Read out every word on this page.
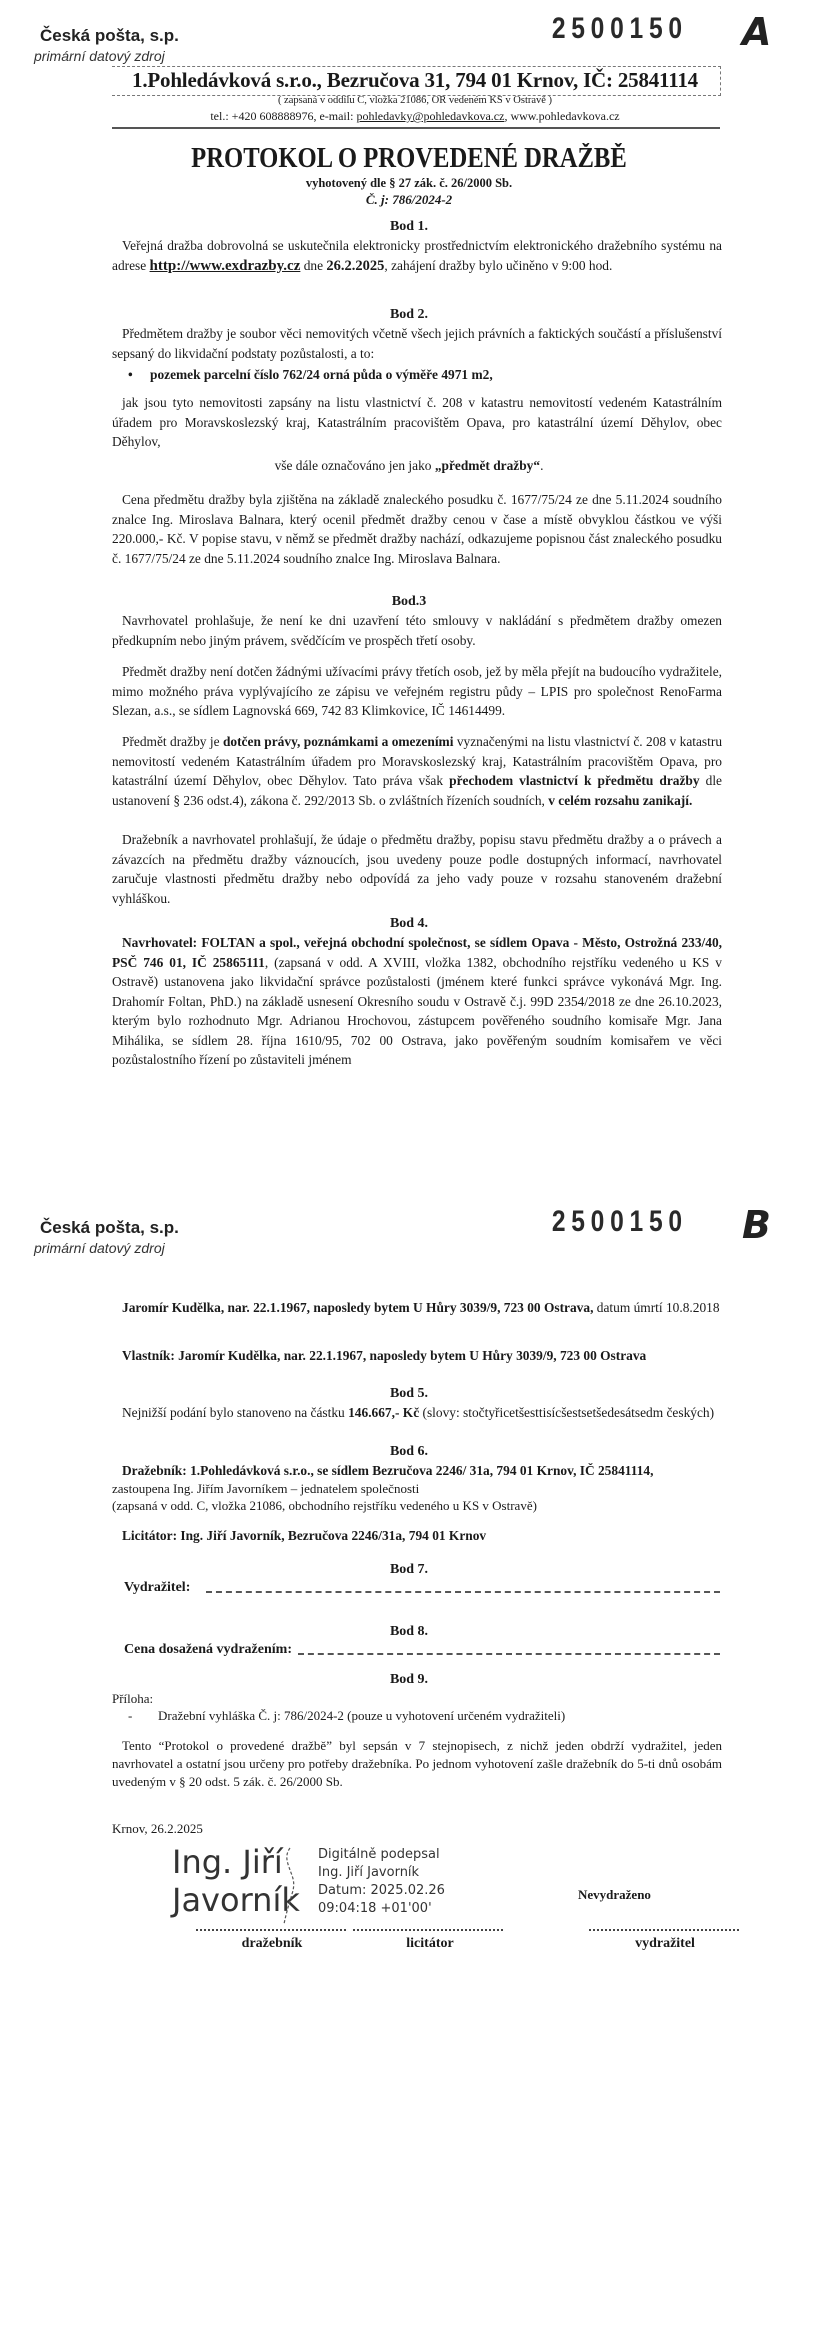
Česká pošta, s.p.
primární datový zdroj
2500150 A
1.Pohledávková s.r.o., Bezručova 31, 794 01 Krnov, IČ: 25841114
( zapsaná v oddílu C, vložka 21086, OR vedeném KS v Ostravě )
tel.: +420 608888976, e-mail: pohledavky@pohledavkova.cz, www.pohledavkova.cz
PROTOKOL O PROVEDENÉ DRAŽBĚ
vyhotovený dle § 27 zák. č. 26/2000 Sb.
Č. j: 786/2024-2
Bod 1.
Veřejná dražba dobrovolná se uskutečnila elektronicky prostřednictvím elektronického dražebního systému na adrese http://www.exdrazby.cz dne 26.2.2025, zahájení dražby bylo učiněno v 9:00 hod.
Bod 2.
Předmětem dražby je soubor věci nemovitých včetně všech jejich právních a faktických součástí a příslušenství sepsaný do likvidační podstaty pozůstalosti, a to:
• pozemek parcelní číslo 762/24 orná půda o výměře 4971 m2,
jak jsou tyto nemovitosti zapsány na listu vlastnictví č. 208 v katastru nemovitostí vedeném Katastrálním úřadem pro Moravskoslezský kraj, Katastrálním pracovištěm Opava, pro katastrální území Děhylov, obec Děhylov,
vše dále označováno jen jako „předmět dražby“.
Cena předmětu dražby byla zjištěna na základě znaleckého posudku č. 1677/75/24 ze dne 5.11.2024 soudního znalce Ing. Miroslava Balnara, který ocenil předmět dražby cenou v čase a místě obvyklou částkou ve výši 220.000,- Kč. V popise stavu, v němž se předmět dražby nachází, odkazujeme popisnou část znaleckého posudku č. 1677/75/24 ze dne 5.11.2024 soudního znalce Ing. Miroslava Balnara.
Bod.3
Navrhovatel prohlašuje, že není ke dni uzavření této smlouvy v nakládání s předmětem dražby omezen předkupním nebo jiným právem, svědčícím ve prospěch třetí osoby.
Předmět dražby není dotčen žádnými užívacími právy třetích osob, jež by měla přejít na budoucího vydražitele, mimo možného práva vyplývajícího ze zápisu ve veřejném registru půdy – LPIS pro společnost RenoFarma Slezan, a.s., se sídlem Lagnovská 669, 742 83 Klimkovice, IČ 14614499.
Předmět dražby je dotčen právy, poznámkami a omezeními vyznačenými na listu vlastnictví č. 208 v katastru nemovitostí vedeném Katastrálním úřadem pro Moravskoslezský kraj, Katastrálním pracovištěm Opava, pro katastrální území Děhylov, obec Děhylov. Tato práva však přechodem vlastnictví k předmětu dražby dle ustanovení § 236 odst.4), zákona č. 292/2013 Sb. o zvláštních řízeních soudních, v celém rozsahu zanikají.
Dražebník a navrhovatel prohlašují, že údaje o předmětu dražby, popisu stavu předmětu dražby a o právech a závazcích na předmětu dražby váznoucích, jsou uvedeny pouze podle dostupných informací, navrhovatel zaručuje vlastnosti předmětu dražby nebo odpovídá za jeho vady pouze v rozsahu stanoveném dražební vyhláškou.
Bod 4.
Navrhovatel: FOLTAN a spol., veřejná obchodní společnost, se sídlem Opava - Město, Ostrožná 233/40, PSČ 746 01, IČ 25865111, (zapsaná v odd. A XVIII, vložka 1382, obchodního rejstříku vedeného u KS v Ostravě) ustanovena jako likvidační správce pozůstalosti (jménem které funkci správce vykonává Mgr. Ing. Drahomír Foltan, PhD.) na základě usnesení Okresního soudu v Ostravě č.j. 99D 2354/2018 ze dne 26.10.2023, kterým bylo rozhodnuto Mgr. Adrianou Hrochovou, zástupcem pověřeného soudního komisaře Mgr. Jana Mihálika, se sídlem 28. října 1610/95, 702 00 Ostrava, jako pověřeným soudním komisařem ve věci pozůstalostního řízení po zůstaviteli jménem
Česká pošta, s.p.
primární datový zdroj
2500150 B
Jaromír Kudělka, nar. 22.1.1967, naposledy bytem U Hůry 3039/9, 723 00 Ostrava, datum úmrtí 10.8.2018
Vlastník: Jaromír Kudělka, nar. 22.1.1967, naposledy bytem U Hůry 3039/9, 723 00 Ostrava
Bod 5.
Nejnižší podání bylo stanoveno na částku 146.667,- Kč (slovy: stočtyřicetšesttisícšestsetšedesátsedm českých)
Bod 6.
Dražebník: 1.Pohledávková s.r.o., se sídlem Bezručova 2246/ 31a, 794 01 Krnov, IČ 25841114,
zastoupena Ing. Jiřím Javorníkem – jednatelem společnosti
(zapsaná v odd. C, vložka 21086, obchodního rejstříku vedeného u KS v Ostravě)
Licitátor: Ing. Jiří Javorník, Bezručova 2246/31a, 794 01 Krnov
Bod 7.
Vydražitel:
Bod 8.
Cena dosažená vydražením:
Bod 9.
Příloha:
- Dražební vyhláška Č. j: 786/2024-2 (pouze u vyhotovení určeném vydražiteli)
Tento “Protokol o provedené dražbě” byl sepsán v 7 stejnopisech, z nichž jeden obdrží vydražitel, jeden navrhovatel a ostatní jsou určeny pro potřeby dražebníka. Po jednom vyhotovení zašle dražebník do 5-ti dnů osobám uvedeným v § 20 odst. 5 zák. č. 26/2000 Sb.
Krnov, 26.2.2025
Ing. Jiří
Javorník
Digitálně podepsal
Ing. Jiří Javorník
Datum: 2025.02.26
09:04:18 +01'00'
Nevydraženo
dražebník	licitátor	vydražitel
